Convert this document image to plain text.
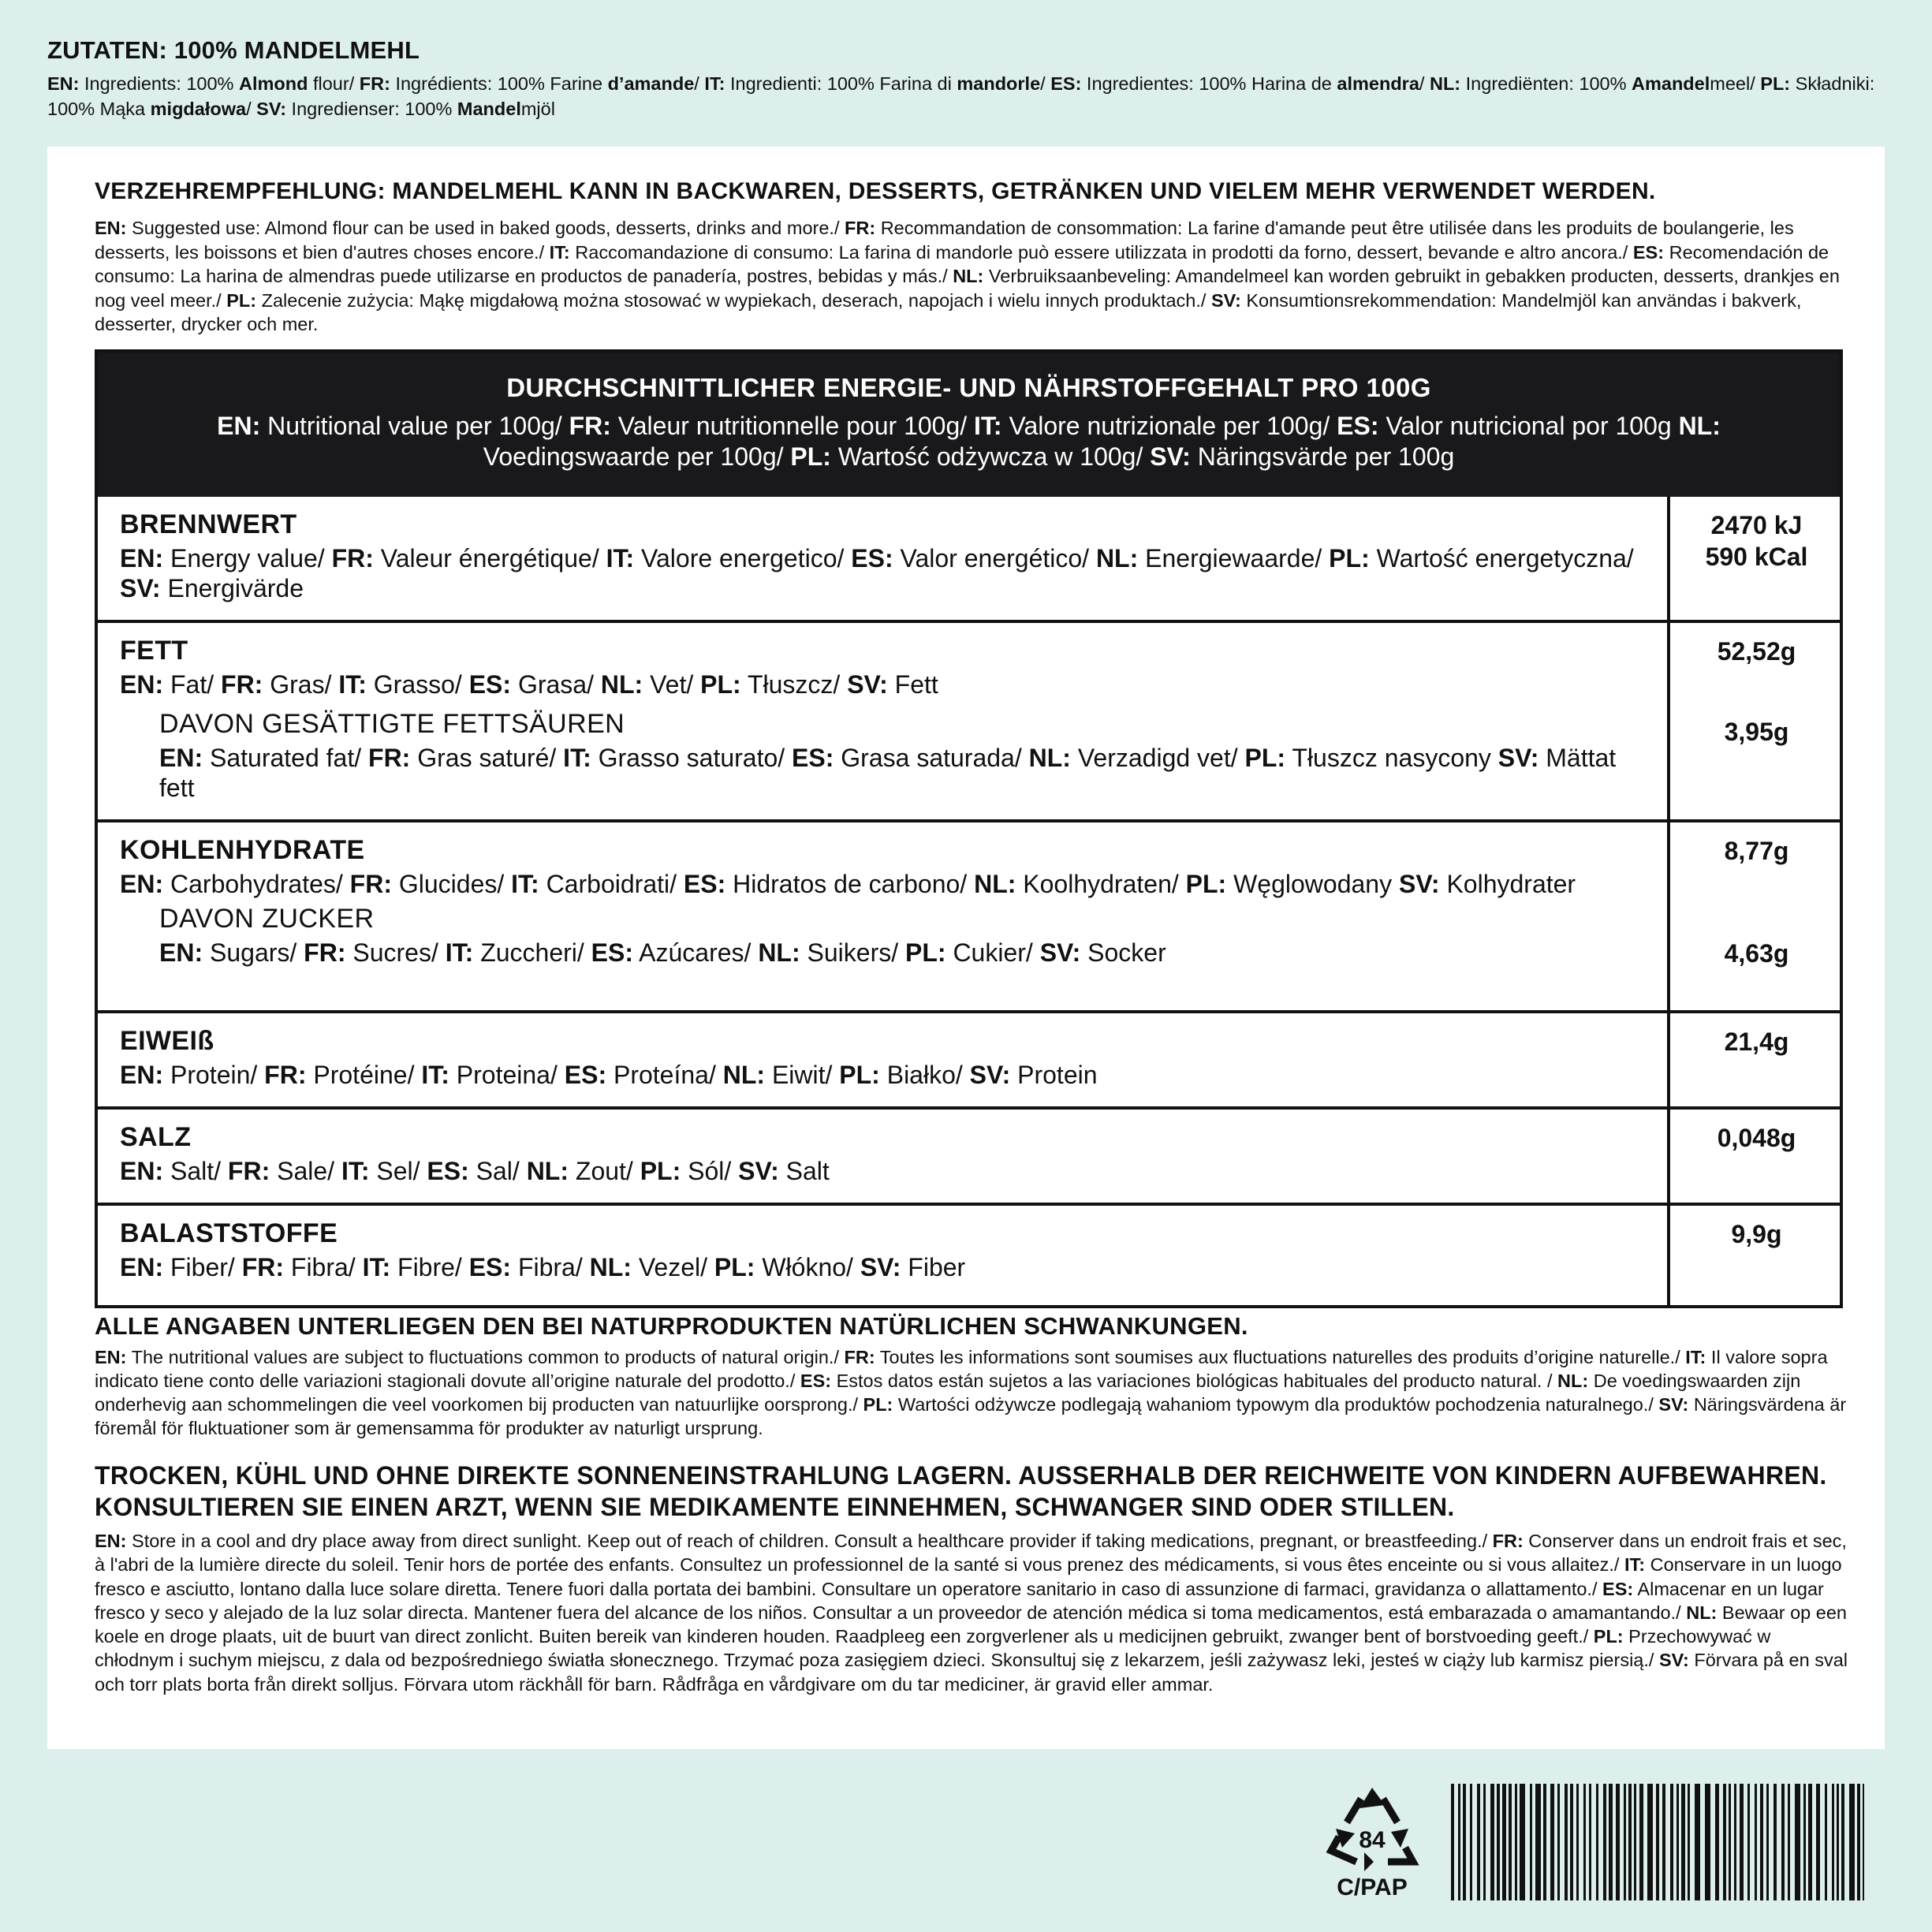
ZUTATEN: 100% MANDELMEHL
EN: Ingredients: 100% Almond flour/ FR: Ingrédients: 100% Farine d’amande/ IT: Ingredienti: 100% Farina di mandorle/ ES: Ingredientes: 100% Harina de almendra/ NL: Ingrediënten: 100% Amandelmeel/ PL: Składniki: 100% Mąka migdałowa/ SV: Ingredienser: 100% Mandelmjöl
VERZEHREMPFEHLUNG: MANDELMEHL KANN IN BACKWAREN, DESSERTS, GETRÄNKEN UND VIELEM MEHR VERWENDET WERDEN.
EN: Suggested use: Almond flour can be used in baked goods, desserts, drinks and more./ FR: Recommandation de consommation: La farine d'amande peut être utilisée dans les produits de boulangerie, les desserts, les boissons et bien d'autres choses encore./ IT: Raccomandazione di consumo: La farina di mandorle può essere utilizzata in prodotti da forno, dessert, bevande e altro ancora./ ES: Recomendación de consumo: La harina de almendras puede utilizarse en productos de panadería, postres, bebidas y más./ NL: Verbruiksaanbeveling: Amandelmeel kan worden gebruikt in gebakken producten, desserts, drankjes en nog veel meer./ PL: Zalecenie zużycia: Mąkę migdałową można stosować w wypiekach, deserach, napojach i wielu innych produktach./ SV: Konsumtionsrekommendation: Mandelmjöl kan användas i bakverk, desserter, drycker och mer.
DURCHSCHNITTLICHER ENERGIE- UND NÄHRSTOFFGEHALT PRO 100G
EN: Nutritional value per 100g/ FR: Valeur nutritionnelle pour 100g/ IT: Valore nutrizionale per 100g/ ES: Valor nutricional por 100g NL: Voedingswaarde per 100g/ PL: Wartość odżywcza w 100g/ SV: Näringsvärde per 100g
BRENNWERT
EN: Energy value/ FR: Valeur énergétique/ IT: Valore energetico/ ES: Valor energético/ NL: Energiewaarde/ PL: Wartość energetyczna/ SV: Energivärde
2470 kJ
590 kCal
FETT
EN: Fat/ FR: Gras/ IT: Grasso/ ES: Grasa/ NL: Vet/ PL: Tłuszcz/ SV: Fett
DAVON GESÄTTIGTE FETTSÄUREN
EN: Saturated fat/ FR: Gras saturé/ IT: Grasso saturato/ ES: Grasa saturada/ NL: Verzadigd vet/ PL: Tłuszcz nasycony SV: Mättat fett
52,52g
3,95g
KOHLENHYDRATE
EN: Carbohydrates/ FR: Glucides/ IT: Carboidrati/ ES: Hidratos de carbono/ NL: Koolhydraten/ PL: Węglowodany SV: Kolhydrater
DAVON ZUCKER
EN: Sugars/ FR: Sucres/ IT: Zuccheri/ ES: Azúcares/ NL: Suikers/ PL: Cukier/ SV: Socker
8,77g
4,63g
EIWEIß
EN: Protein/ FR: Protéine/ IT: Proteina/ ES: Proteína/ NL: Eiwit/ PL: Białko/ SV: Protein
21,4g
SALZ
EN: Salt/ FR: Sale/ IT: Sel/ ES: Sal/ NL: Zout/ PL: Sól/ SV: Salt
0,048g
BALASTSTOFFE
EN: Fiber/ FR: Fibra/ IT: Fibre/ ES: Fibra/ NL: Vezel/ PL: Włókno/ SV: Fiber
9,9g
ALLE ANGABEN UNTERLIEGEN DEN BEI NATURPRODUKTEN NATÜRLICHEN SCHWANKUNGEN.
EN: The nutritional values are subject to fluctuations common to products of natural origin./ FR: Toutes les informations sont soumises aux fluctuations naturelles des produits d’origine naturelle./ IT: Il valore sopra indicato tiene conto delle variazioni stagionali dovute all’origine naturale del prodotto./ ES: Estos datos están sujetos a las variaciones biológicas habituales del producto natural. / NL: De voedingswaarden zijn onderhevig aan schommelingen die veel voorkomen bij producten van natuurlijke oorsprong./ PL: Wartości odżywcze podlegają wahaniom typowym dla produktów pochodzenia naturalnego./ SV: Näringsvärdena är föremål för fluktuationer som är gemensamma för produkter av naturligt ursprung.
TROCKEN, KÜHL UND OHNE DIREKTE SONNENEINSTRAHLUNG LAGERN. AUSSERHALB DER REICHWEITE VON KINDERN AUFBEWAHREN. KONSULTIEREN SIE EINEN ARZT, WENN SIE MEDIKAMENTE EINNEHMEN, SCHWANGER SIND ODER STILLEN.
EN: Store in a cool and dry place away from direct sunlight. Keep out of reach of children. Consult a healthcare provider if taking medications, pregnant, or breastfeeding./ FR: Conserver dans un endroit frais et sec, à l'abri de la lumière directe du soleil. Tenir hors de portée des enfants. Consultez un professionnel de la santé si vous prenez des médicaments, si vous êtes enceinte ou si vous allaitez./ IT: Conservare in un luogo fresco e asciutto, lontano dalla luce solare diretta. Tenere fuori dalla portata dei bambini. Consultare un operatore sanitario in caso di assunzione di farmaci, gravidanza o allattamento./ ES: Almacenar en un lugar fresco y seco y alejado de la luz solar directa. Mantener fuera del alcance de los niños. Consultar a un proveedor de atención médica si toma medicamentos, está embarazada o amamantando./ NL: Bewaar op een koele en droge plaats, uit de buurt van direct zonlicht. Buiten bereik van kinderen houden. Raadpleeg een zorgverlener als u medicijnen gebruikt, zwanger bent of borstvoeding geeft./ PL: Przechowywać w chłodnym i suchym miejscu, z dala od bezpośredniego światła słonecznego. Trzymać poza zasięgiem dzieci. Skonsultuj się z lekarzem, jeśli zażywasz leki, jesteś w ciąży lub karmisz piersią./ SV: Förvara på en sval och torr plats borta från direkt solljus. Förvara utom räckhåll för barn. Rådfråga en vårdgivare om du tar mediciner, är gravid eller ammar.
84
C/PAP
